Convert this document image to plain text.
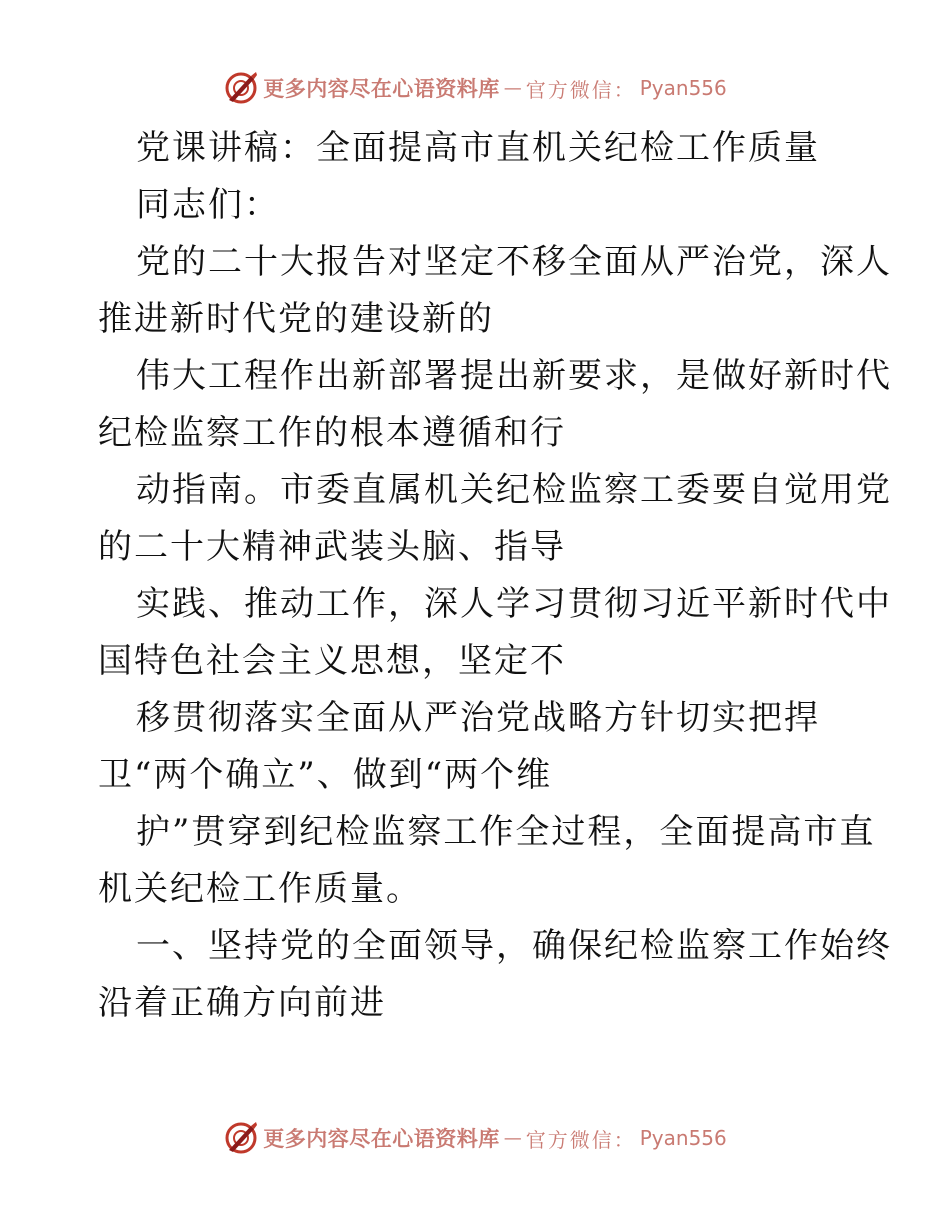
更多内容尽在心语资料库 — 官方微信： Pyan556
党课讲稿：全面提高市直机关纪检工作质量
同志们：
党的二十大报告对坚定不移全面从严治党，深人
推进新时代党的建设新的
伟大工程作出新部署提出新要求，是做好新时代
纪检监察工作的根本遵循和行
动指南。市委直属机关纪检监察工委要自觉用党
的二十大精神武装头脑、指导
实践、推动工作，深人学习贯彻习近平新时代中
国特色社会主义思想，坚定不
移贯彻落实全面从严治党战略方针切实把捍
卫“两个确立”、做到“两个维
护”贯穿到纪检监察工作全过程，全面提高市直
机关纪检工作质量。
一、坚持党的全面领导，确保纪检监察工作始终
沿着正确方向前进
更多内容尽在心语资料库 — 官方微信： Pyan556
